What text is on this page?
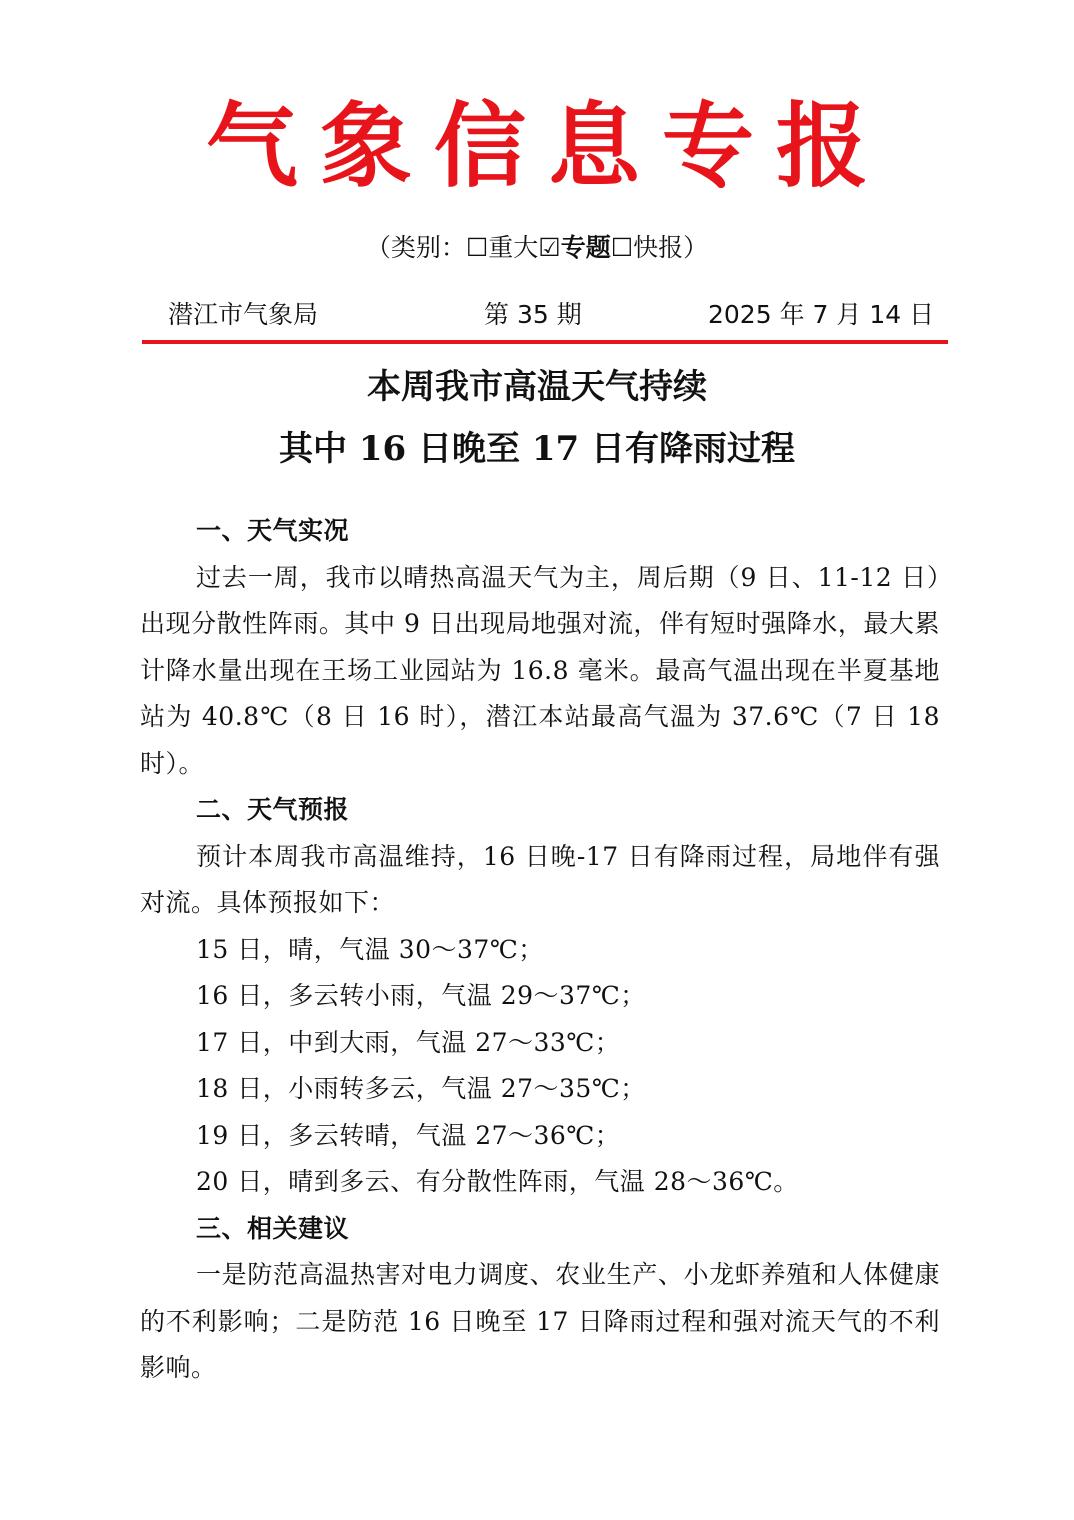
气象信息专报
（类别：☐重大☑专题☐快报）
潜江市气象局	第 35 期	2025 年 7 月 14 日
本周我市高温天气持续
其中 16 日晚至 17 日有降雨过程
一、天气实况

过去一周，我市以晴热高温天气为主，周后期（9 日、11-12 日）出现分散性阵雨。其中 9 日出现局地强对流，伴有短时强降水，最大累计降水量出现在王场工业园站为 16.8 毫米。最高气温出现在半夏基地站为 40.8℃（8 日 16 时），潜江本站最高气温为 37.6℃（7 日 18 时）。

二、天气预报

预计本周我市高温维持，16 日晚-17 日有降雨过程，局地伴有强对流。具体预报如下：

15 日，晴，气温 30～37℃；
16 日，多云转小雨，气温 29～37℃；
17 日，中到大雨，气温 27～33℃；
18 日，小雨转多云，气温 27～35℃；
19 日，多云转晴，气温 27～36℃；
20 日，晴到多云、有分散性阵雨，气温 28～36℃。
三、相关建议

一是防范高温热害对电力调度、农业生产、小龙虾养殖和人体健康的不利影响；二是防范 16 日晚至 17 日降雨过程和强对流天气的不利影响。
